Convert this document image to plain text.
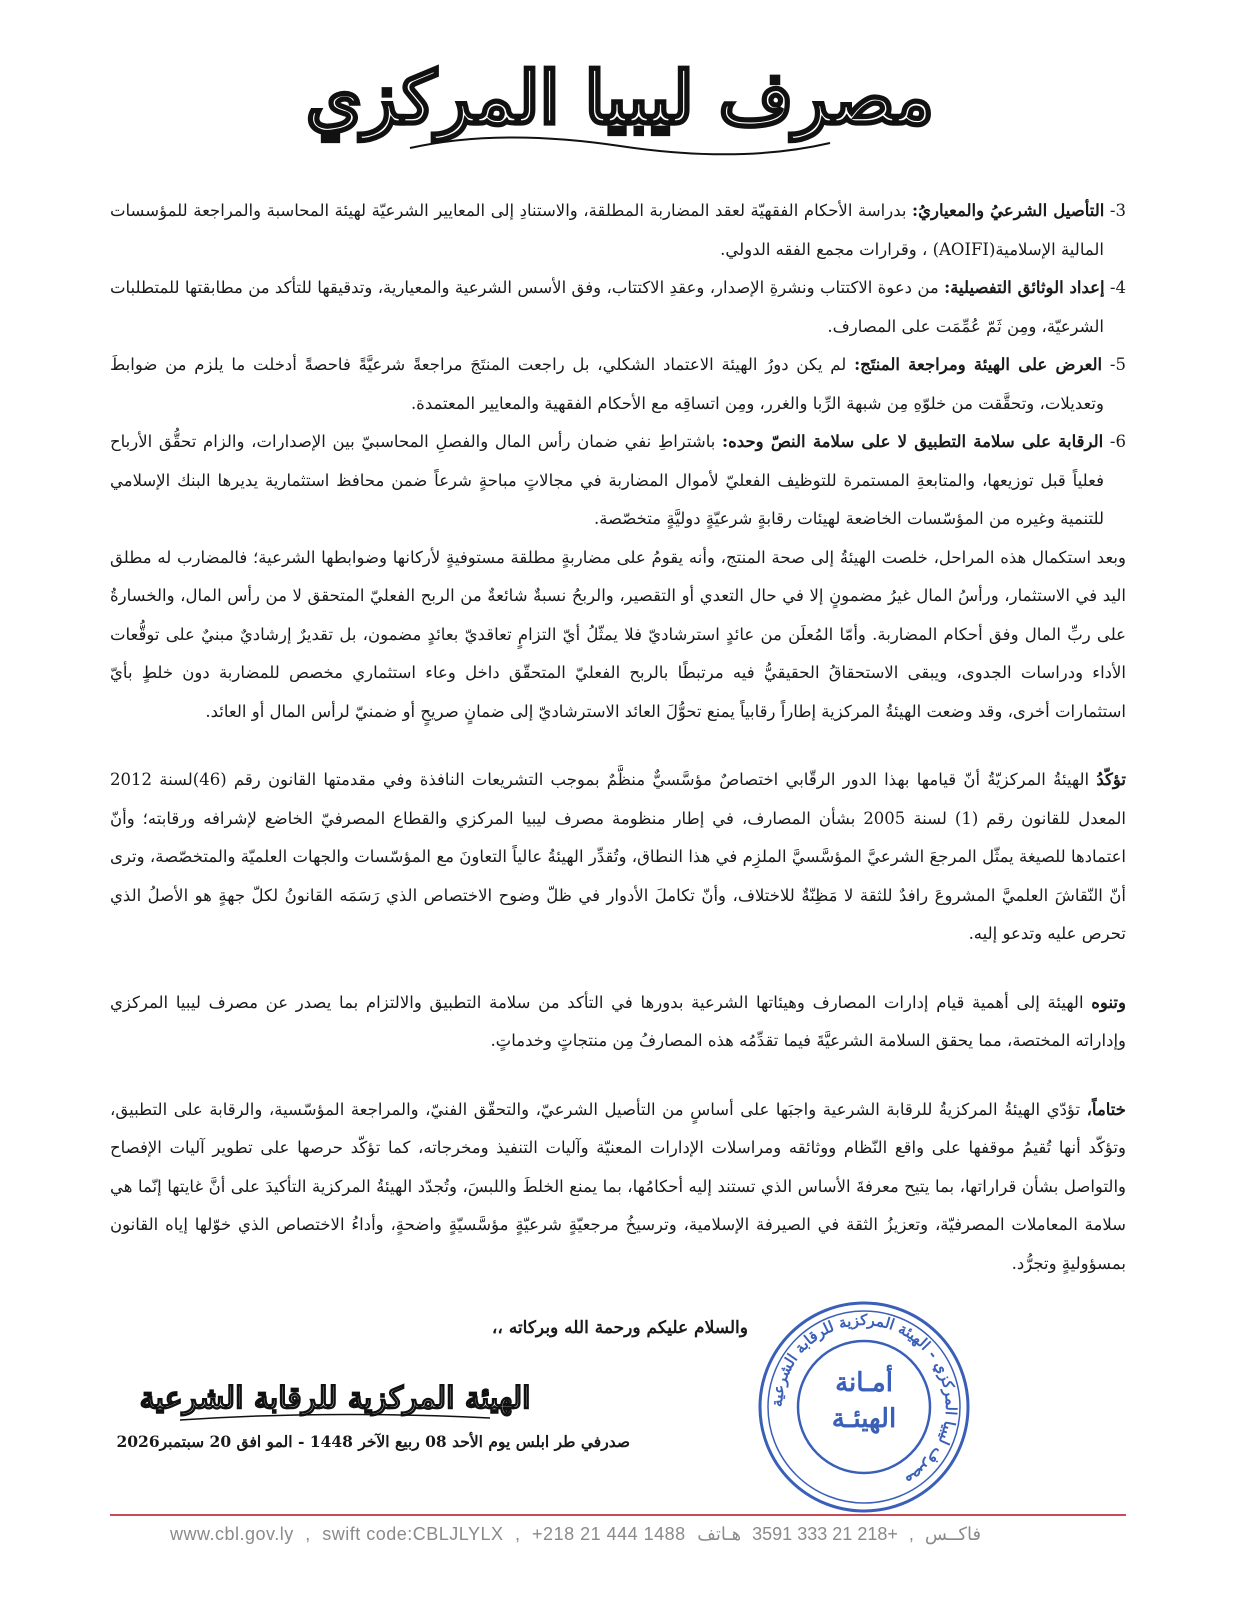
مصرف ليبيا المركزي

3- التأصيل الشرعيُ والمعياريُ: بدراسة الأحكام الفقهيّة لعقد المضاربة المطلقة، والاستنادِ إلى المعايير الشرعيّة لهيئة المحاسبة والمراجعة للمؤسسات المالية الإسلامية(AOIFI) ، وقرارات مجمع الفقه الدولي.

4- إعداد الوثائق التفصيلية: من دعوة الاكتتاب ونشرةِ الإصدار، وعقدِ الاكتتاب، وفق الأسس الشرعية والمعيارية، وتدقيقها للتأكد من مطابقتها للمتطلبات الشرعيّة، ومِن ثَمّ عُمِّمَت على المصارف.

5- العرض على الهيئة ومراجعة المنتَج: لم يكن دورُ الهيئة الاعتماد الشكلي، بل راجعت المنتَجَ مراجعةً شرعيَّةً فاحصةً أدخلت ما يلزم من ضوابطَ وتعديلات، وتحقَّقت من خلوّهِ مِن شبهة الرِّبا والغرر، ومِن اتساقِه مع الأحكام الفقهية والمعايير المعتمدة.

6- الرقابة على سلامة التطبيق لا على سلامة النصّ وحده: باشتراطِ نفي ضمان رأس المال والفصلِ المحاسبيّ بين الإصدارات، والزام تحقُّق الأرباح فعلياً قبل توزيعها، والمتابعةِ المستمرة للتوظيف الفعليّ لأموال المضاربة في مجالاتٍ مباحةٍ شرعاً ضمن محافظ استثمارية يديرها البنك الإسلامي للتنمية وغيره من المؤسّسات الخاضعة لهيئات رقابةٍ شرعيّةٍ دوليَّةٍ متخصّصة.

وبعد استكمال هذه المراحل، خلصت الهيئةُ إلى صحة المنتج، وأنه يقومُ على مضاربةٍ مطلقة مستوفيةٍ لأركانها وضوابطها الشرعية؛ فالمضارب له مطلق اليد في الاستثمار، ورأسُ المال غيرُ مضمونٍ إلا في حال التعدي أو التقصير، والربحُ نسبةٌ شائعةٌ من الربح الفعليّ المتحقق لا من رأس المال، والخسارةُ على ربِّ المال وفق أحكام المضاربة. وأمّا المُعلَن من عائدٍ استرشاديّ فلا يمثّلُ أيّ التزامٍ تعاقديّ بعائدٍ مضمون، بل تقديرٌ إرشاديٌ مبنيٌ على توقُّعات الأداء ودراسات الجدوى، ويبقى الاستحقاقُ الحقيقيُّ فيه مرتبطًا بالربح الفعليّ المتحقّق داخل وعاء استثماري مخصص للمضاربة دون خلطٍ بأيّ استثمارات أخرى، وقد وضعت الهيئةُ المركزية إطاراً رقابياً يمنع تحوُّلَ العائد الاسترشاديّ إلى ضمانٍ صريحٍ أو ضمنيّ لرأس المال أو العائد.

تؤكّدُ الهيئةُ المركزيّةُ أنّ قيامها بهذا الدور الرقّابي اختصاصٌ مؤسَّسيٌّ منظَّمٌ بموجب التشريعات النافذة وفي مقدمتها القانون رقم (46)لسنة 2012 المعدل للقانون رقم (1) لسنة 2005 بشأن المصارف، في إطار منظومة مصرف ليبيا المركزي والقطاع المصرفيّ الخاضع لإشرافه ورقابته؛ وأنّ اعتمادها للصيغة يمثّل المرجعَ الشرعيَّ المؤسَّسيَّ الملزِم في هذا النطاق، وتُقدِّر الهيئةُ عالياً التعاونَ مع المؤسّسات والجهات العلميّة والمتخصّصة، وترى أنّ النّقاشَ العلميَّ المشروعَ رافدٌ للثقة لا مَظِنّةٌ للاختلاف، وأنّ تكاملَ الأدوار في ظلّ وضوح الاختصاص الذي رَسَمَه القانونُ لكلّ جهةٍ هو الأصلُ الذي تحرص عليه وتدعو إليه.

وتنوه الهيئة إلى أهمية قيام إدارات المصارف وهيئاتها الشرعية بدورها في التأكد من سلامة التطبيق والالتزام بما يصدر عن مصرف ليبيا المركزي وإداراته المختصة، مما يحقق السلامة الشرعيَّةَ فيما تقدِّمُه هذه المصارفُ مِن منتجاتٍ وخدماتٍ.

ختاماً، تؤدّي الهيئةُ المركزيةُ للرقابة الشرعية واجبَها على أساسٍ من التأصيل الشرعيّ، والتحقّق الفنيّ، والمراجعة المؤسّسية، والرقابة على التطبيق، وتؤكّد أنها تُقيمُ موقفها على واقع النّظام ووثائقه ومراسلات الإدارات المعنيّة وآليات التنفيذ ومخرجاته، كما تؤكّد حرصها على تطوير آليات الإفصاح والتواصل بشأن قراراتها، بما يتيح معرفةَ الأساس الذي تستند إليه أحكامُها، بما يمنع الخلطَ واللبسَ، وتُجدّد الهيئةُ المركزية التأكيدَ على أنَّ غايتها إنّما هي سلامة المعاملات المصرفيّة، وتعزيزُ الثقة في الصيرفة الإسلامية، وترسيخُ مرجعيّةٍ شرعيّةٍ مؤسَّسيّةٍ واضحةٍ، وأداءُ الاختصاص الذي خوّلها إياه القانون بمسؤوليةٍ وتجرُّد.

والسلام عليكم ورحمة الله وبركاته ،،
الهيئة المركزية للرقابة الشرعية
صدرفي طر ابلس يوم الأحد 08 ربيع الآخر 1448 - المو افق 20 سبتمبر2026
مصرف ليبيا المركزي - الهيئة المركزية للرقابة الشرعية
أمـانة
الهيئـة
www.cbl.gov.ly , swift code:CBLJLYLX , +218 21 444 1488	فاكــس , +218 21 333 3591 هـاتف
